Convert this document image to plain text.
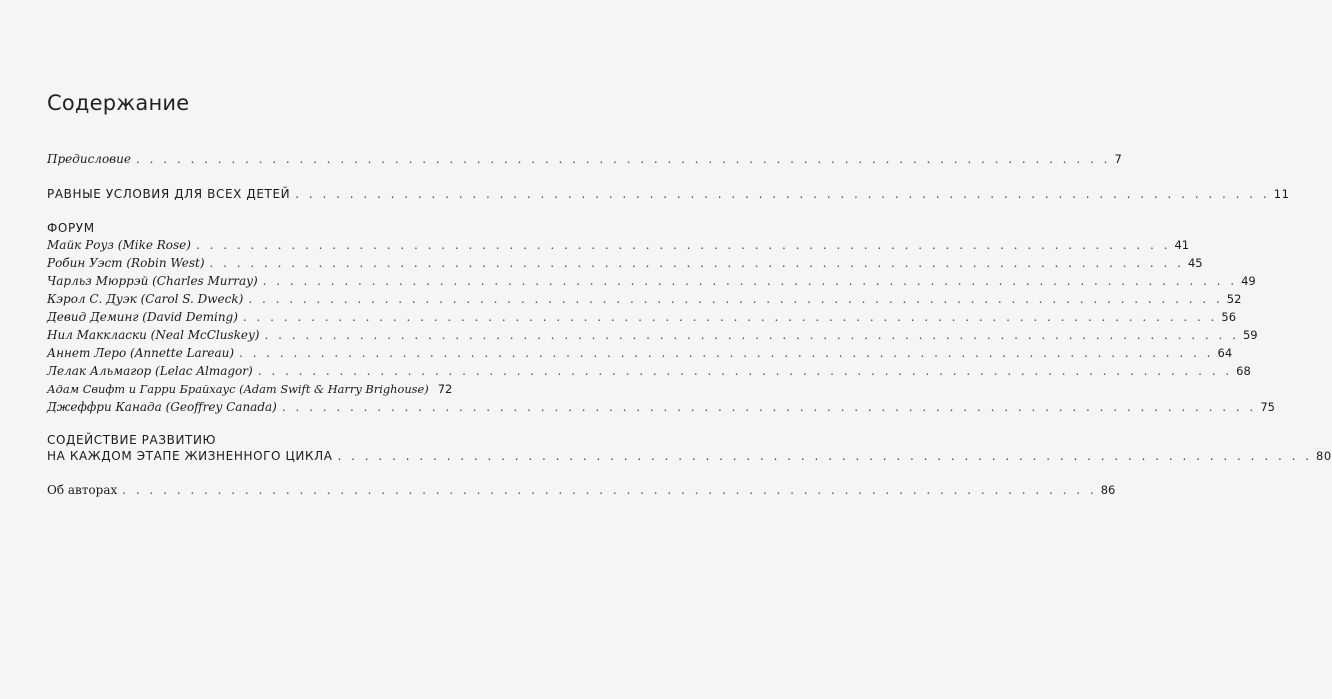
Содержание
Предисловие . . .	7
РАВНЫЕ УСЛОВИЯ ДЛЯ ВСЕХ ДЕТЕЙ . . .	11
ФОРУМ
Майк Роуз (Mike Rose) . . .	41
Робин Уэст (Robin West) . . .	45
Чарльз Мюррэй (Charles Murray) . . .	49
Кэрол С. Дуэк (Carol S. Dweck) . . .	52
Девид Деминг (David Deming) . . .	56
Нил Макклaски (Neal McCluskey) . . .	59
Аннет Леро (Annette Lareau) . . .	64
Лелак Альмагор (Lelac Almagor) . . .	68
Адам Свифт и Гарри Брайхаус (Adam Swift & Harry Brighouse) 72
Джеффри Канада (Geoffrey Canada) . . .	75
СОДЕЙСТВИЕ РАЗВИТИЮ
НА КАЖДОМ ЭТАПЕ ЖИЗНЕННОГО ЦИКЛА . . .	80
Об авторах . . .	86
